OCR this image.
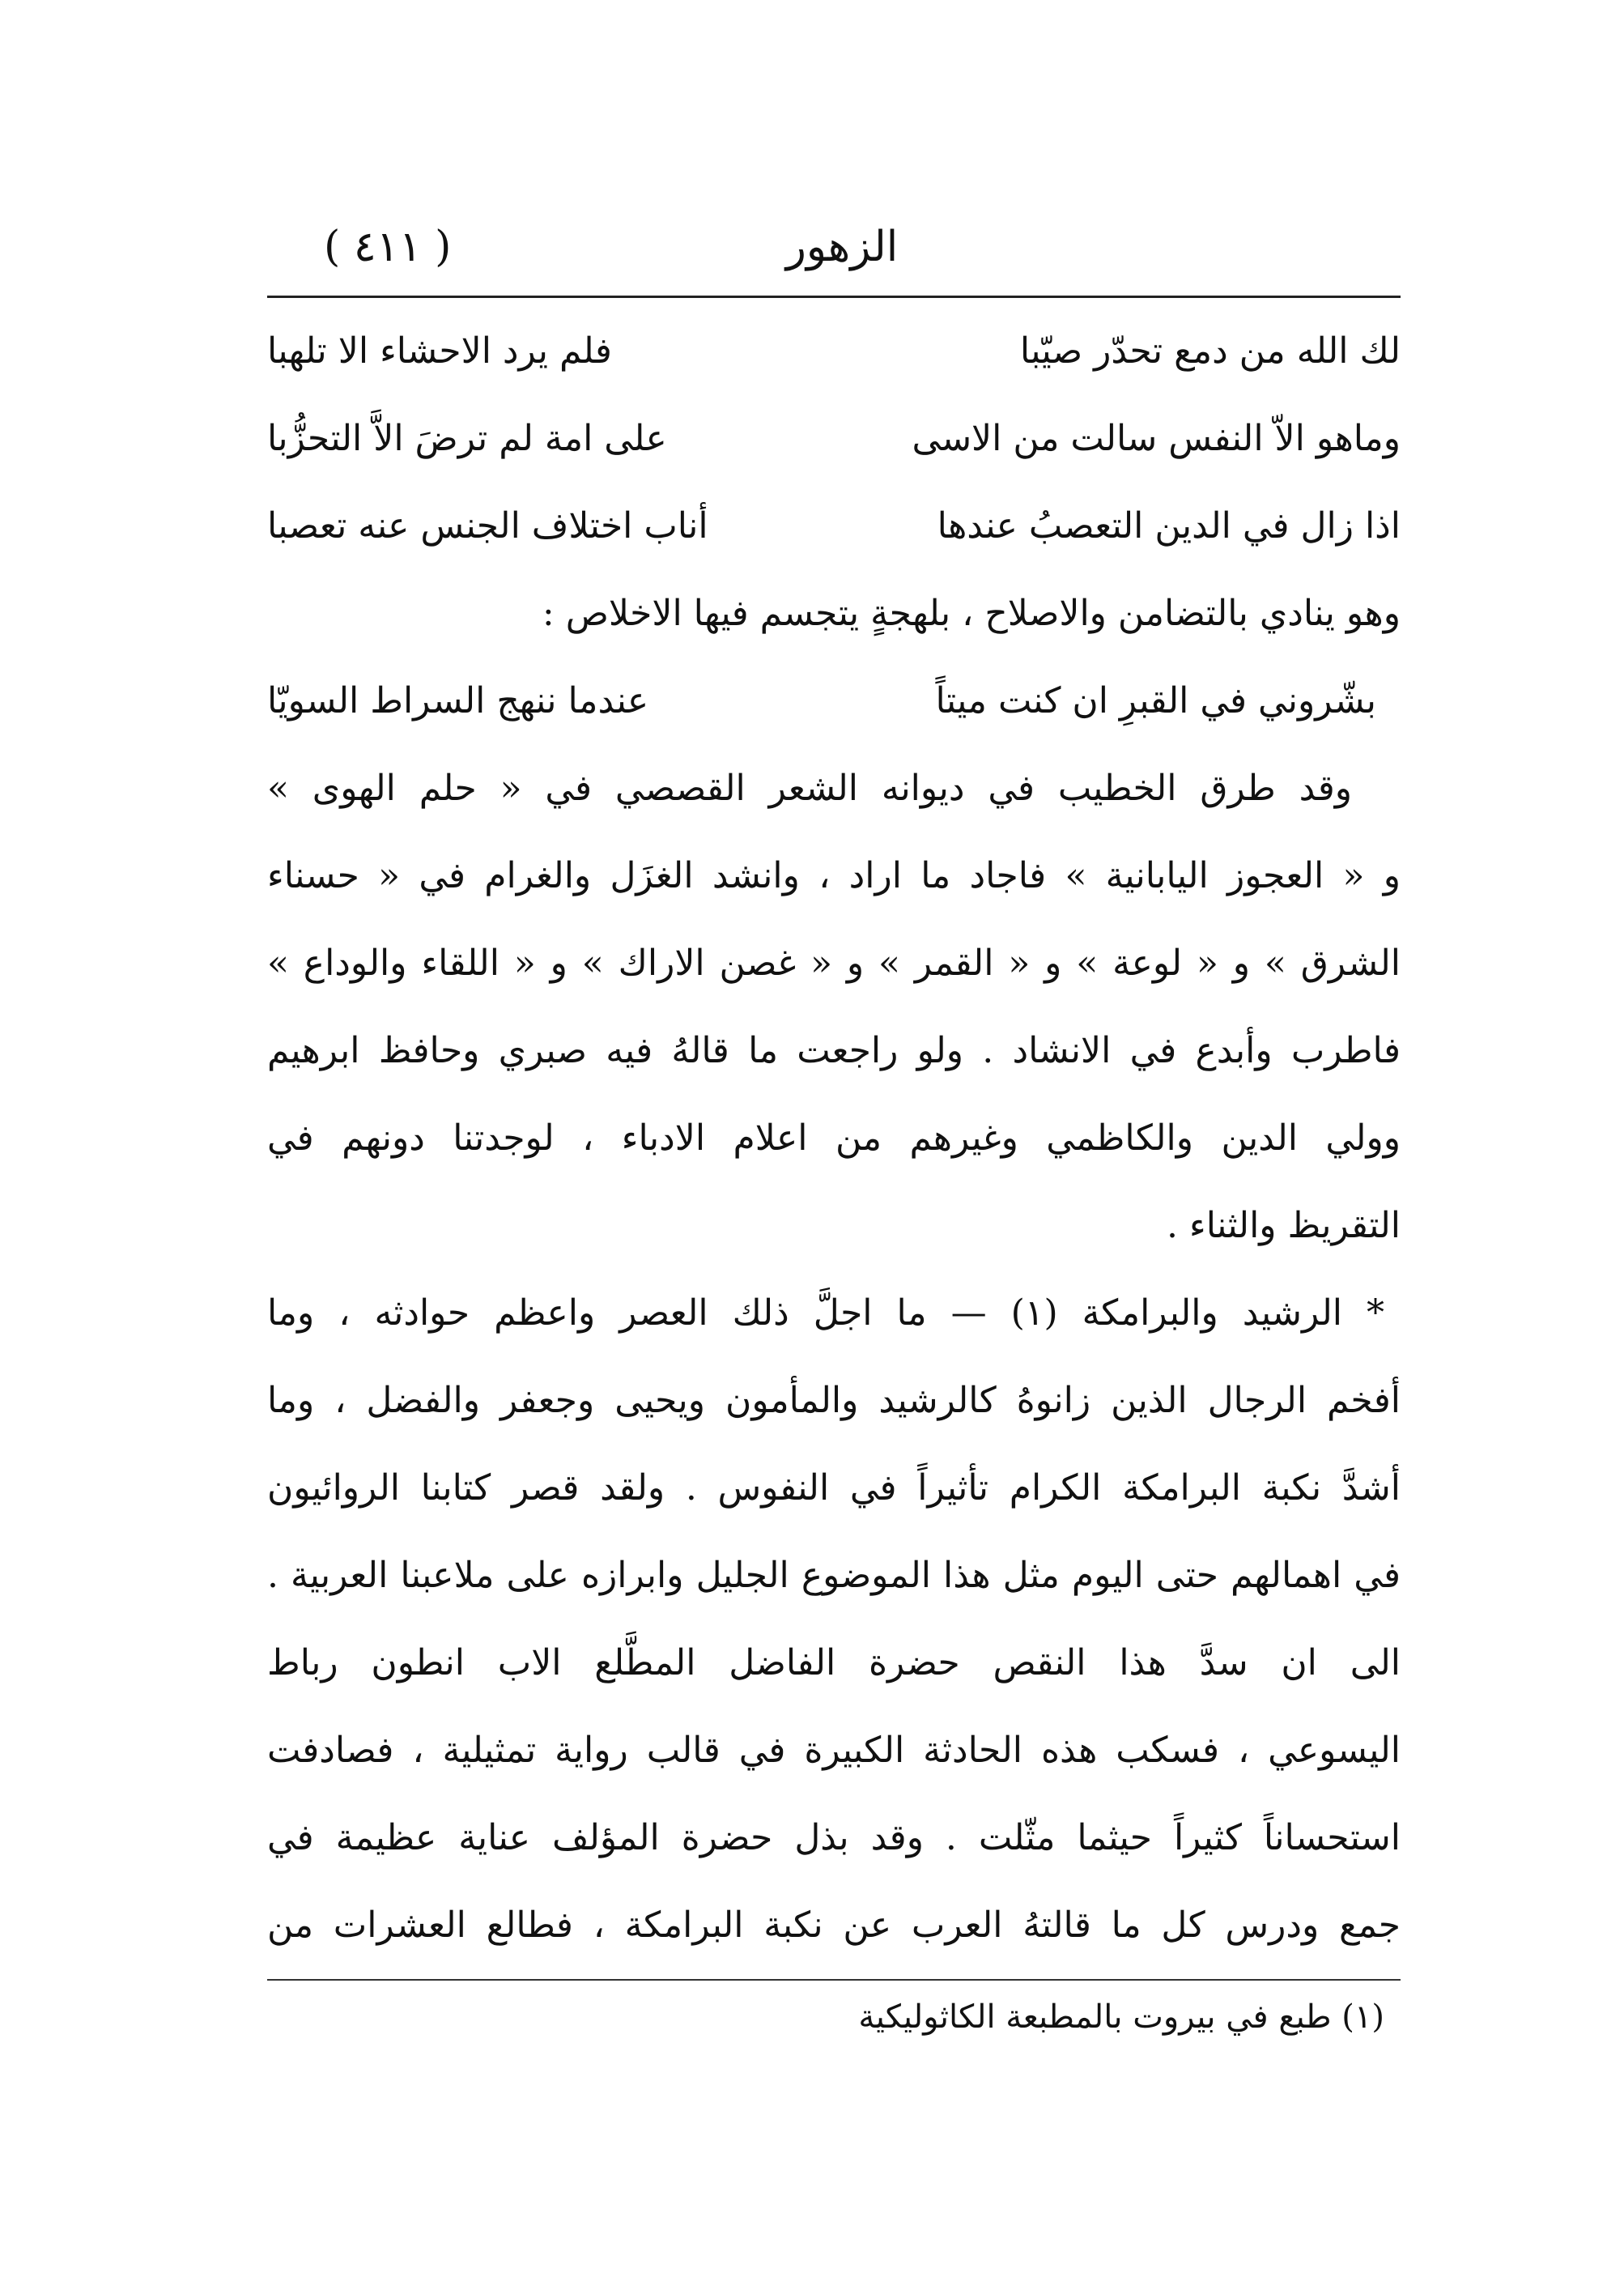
الزهور
( ٤١١ )
لك الله من دمع تحدّر صيّبا
فلم يرد الاحشاء الا تلهبا
وماهو الاّ النفس سالت من الاسى
على امة لم ترضَ الاَّ التحزُّبا
اذا زال في الدين التعصبُ عندها
أناب اختلاف الجنس عنه تعصبا
وهو ينادي بالتضامن والاصلاح ، بلهجةٍ يتجسم فيها الاخلاص :
بشّروني في القبرِ ان كنت ميتاً
عندما ننهج السراط السويّا
وقد طرق الخطيب في ديوانه الشعر القصصي في « حلم الهوى »
و « العجوز اليابانية » فاجاد ما اراد ، وانشد الغزَل والغرام في « حسناء
الشرق » و « لوعة » و « القمر » و « غصن الاراك » و « اللقاء والوداع »
فاطرب وأبدع في الانشاد . ولو راجعت ما قالهُ فيه صبري وحافظ ابرهيم
وولي الدين والكاظمي وغيرهم من اعلام الادباء ، لوجدتنا دونهم في
التقريظ والثناء .
* الرشيد والبرامكة (١) — ما اجلَّ ذلك العصر واعظم حوادثه ، وما
أفخم الرجال الذين زانوهُ كالرشيد والمأمون ويحيى وجعفر والفضل ، وما
أشدَّ نكبة البرامكة الكرام تأثيراً في النفوس . ولقد قصر كتابنا الروائيون
في اهمالهم حتى اليوم مثل هذا الموضوع الجليل وابرازه على ملاعبنا العربية .
الى ان سدَّ هذا النقص حضرة الفاضل المطَّلع الاب انطون رباط
اليسوعي ، فسكب هذه الحادثة الكبيرة في قالب رواية تمثيلية ، فصادفت
استحساناً كثيراً حيثما مثّلت . وقد بذل حضرة المؤلف عناية عظيمة في
جمع ودرس كل ما قالتهُ العرب عن نكبة البرامكة ، فطالع العشرات من
(١) طبع في بيروت بالمطبعة الكاثوليكية
